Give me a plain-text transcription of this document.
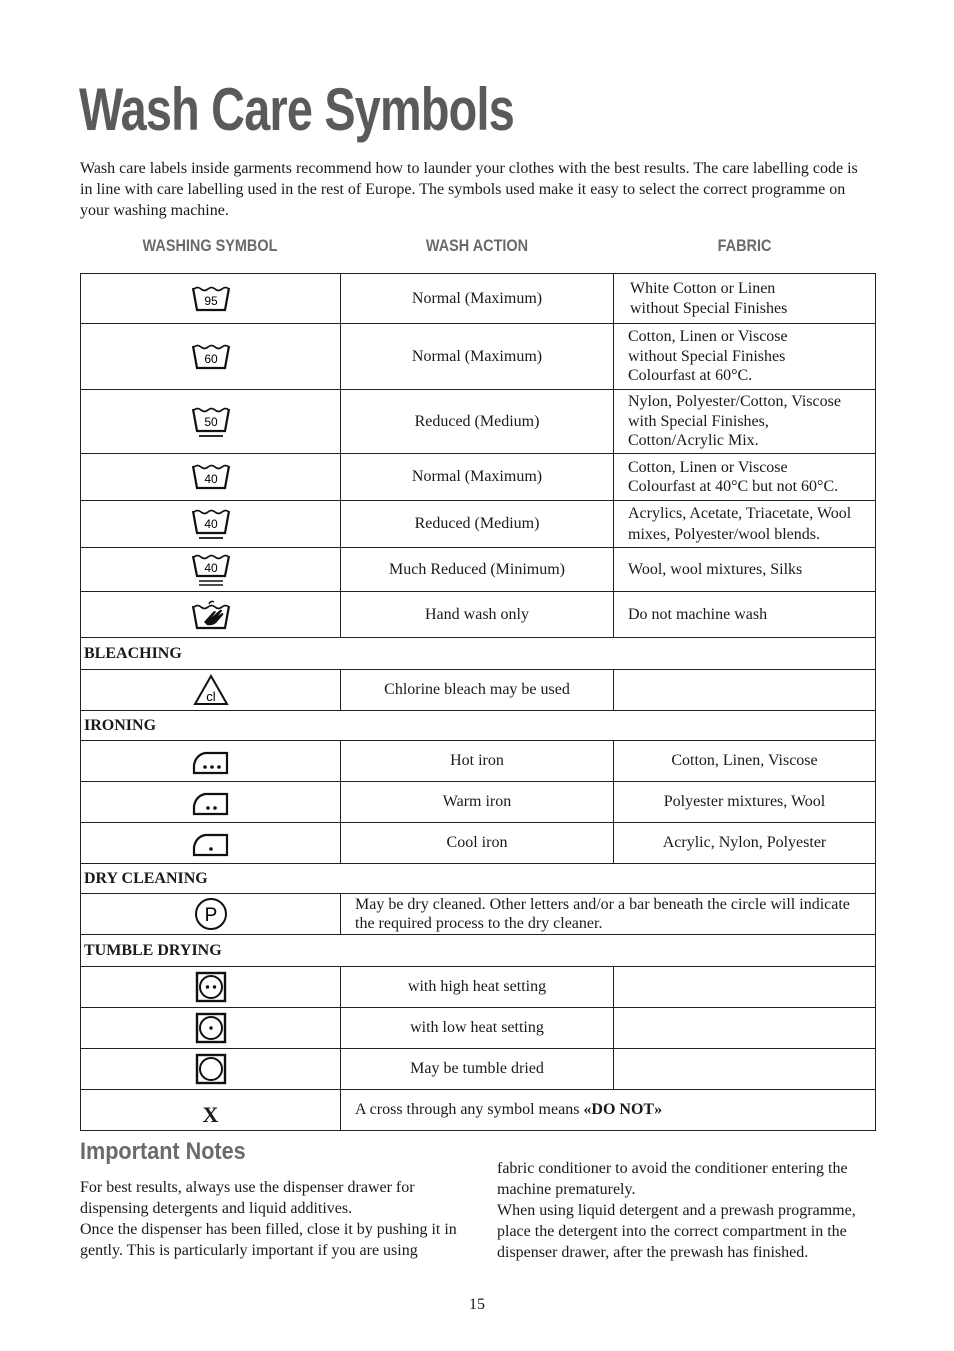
Wash Care Symbols

Wash care labels inside garments recommend how to launder your clothes with the best results. The care labelling code is in line with care labelling used in the rest of Europe. The symbols used make it easy to select the correct programme on your washing machine.

WASHING SYMBOL	WASH ACTION	FABRIC
95	Normal (Maximum)	White Cotton or Linen
without Special Finishes

60	Normal (Maximum)	Cotton, Linen or Viscose
without Special Finishes
Colourfast at 60°C.

50	Reduced (Medium)	Nylon, Polyester/Cotton, Viscose
with Special Finishes,
Cotton/Acrylic Mix.

40	Normal (Maximum)	Cotton, Linen or Viscose
Colourfast at 40°C but not 60°C.

40	Reduced (Medium)	Acrylics, Acetate, Triacetate, Wool
mixes, Polyester/wool blends.

40	Much Reduced (Minimum)	Wool, wool mixtures, Silks

	Hand wash only	Do not machine wash
BLEACHING		

cl	Chlorine bleach may be used	
IRONING		

	Hot iron	Cotton, Linen, Viscose

	Warm iron	Polyester mixtures, Wool

	Cool iron	Acrylic, Nylon, Polyester
DRY CLEANING		

P	May be dry cleaned. Other letters and/or a bar beneath the circle will indicate the required process to the dry cleaner.	
TUMBLE DRYING		

	with high heat setting	

	with low heat setting	

	May be tumble dried	
X	A cross through any symbol means «DO NOT»	
Important Notes
For best results, always use the dispenser drawer for dispensing detergents and liquid additives.
Once the dispenser has been filled, close it by pushing it in gently. This is particularly important if you are using
fabric conditioner to avoid the conditioner entering the machine prematurely.
When using liquid detergent and a prewash programme, place the detergent into the correct compartment in the dispenser drawer, after the prewash has finished.
15
